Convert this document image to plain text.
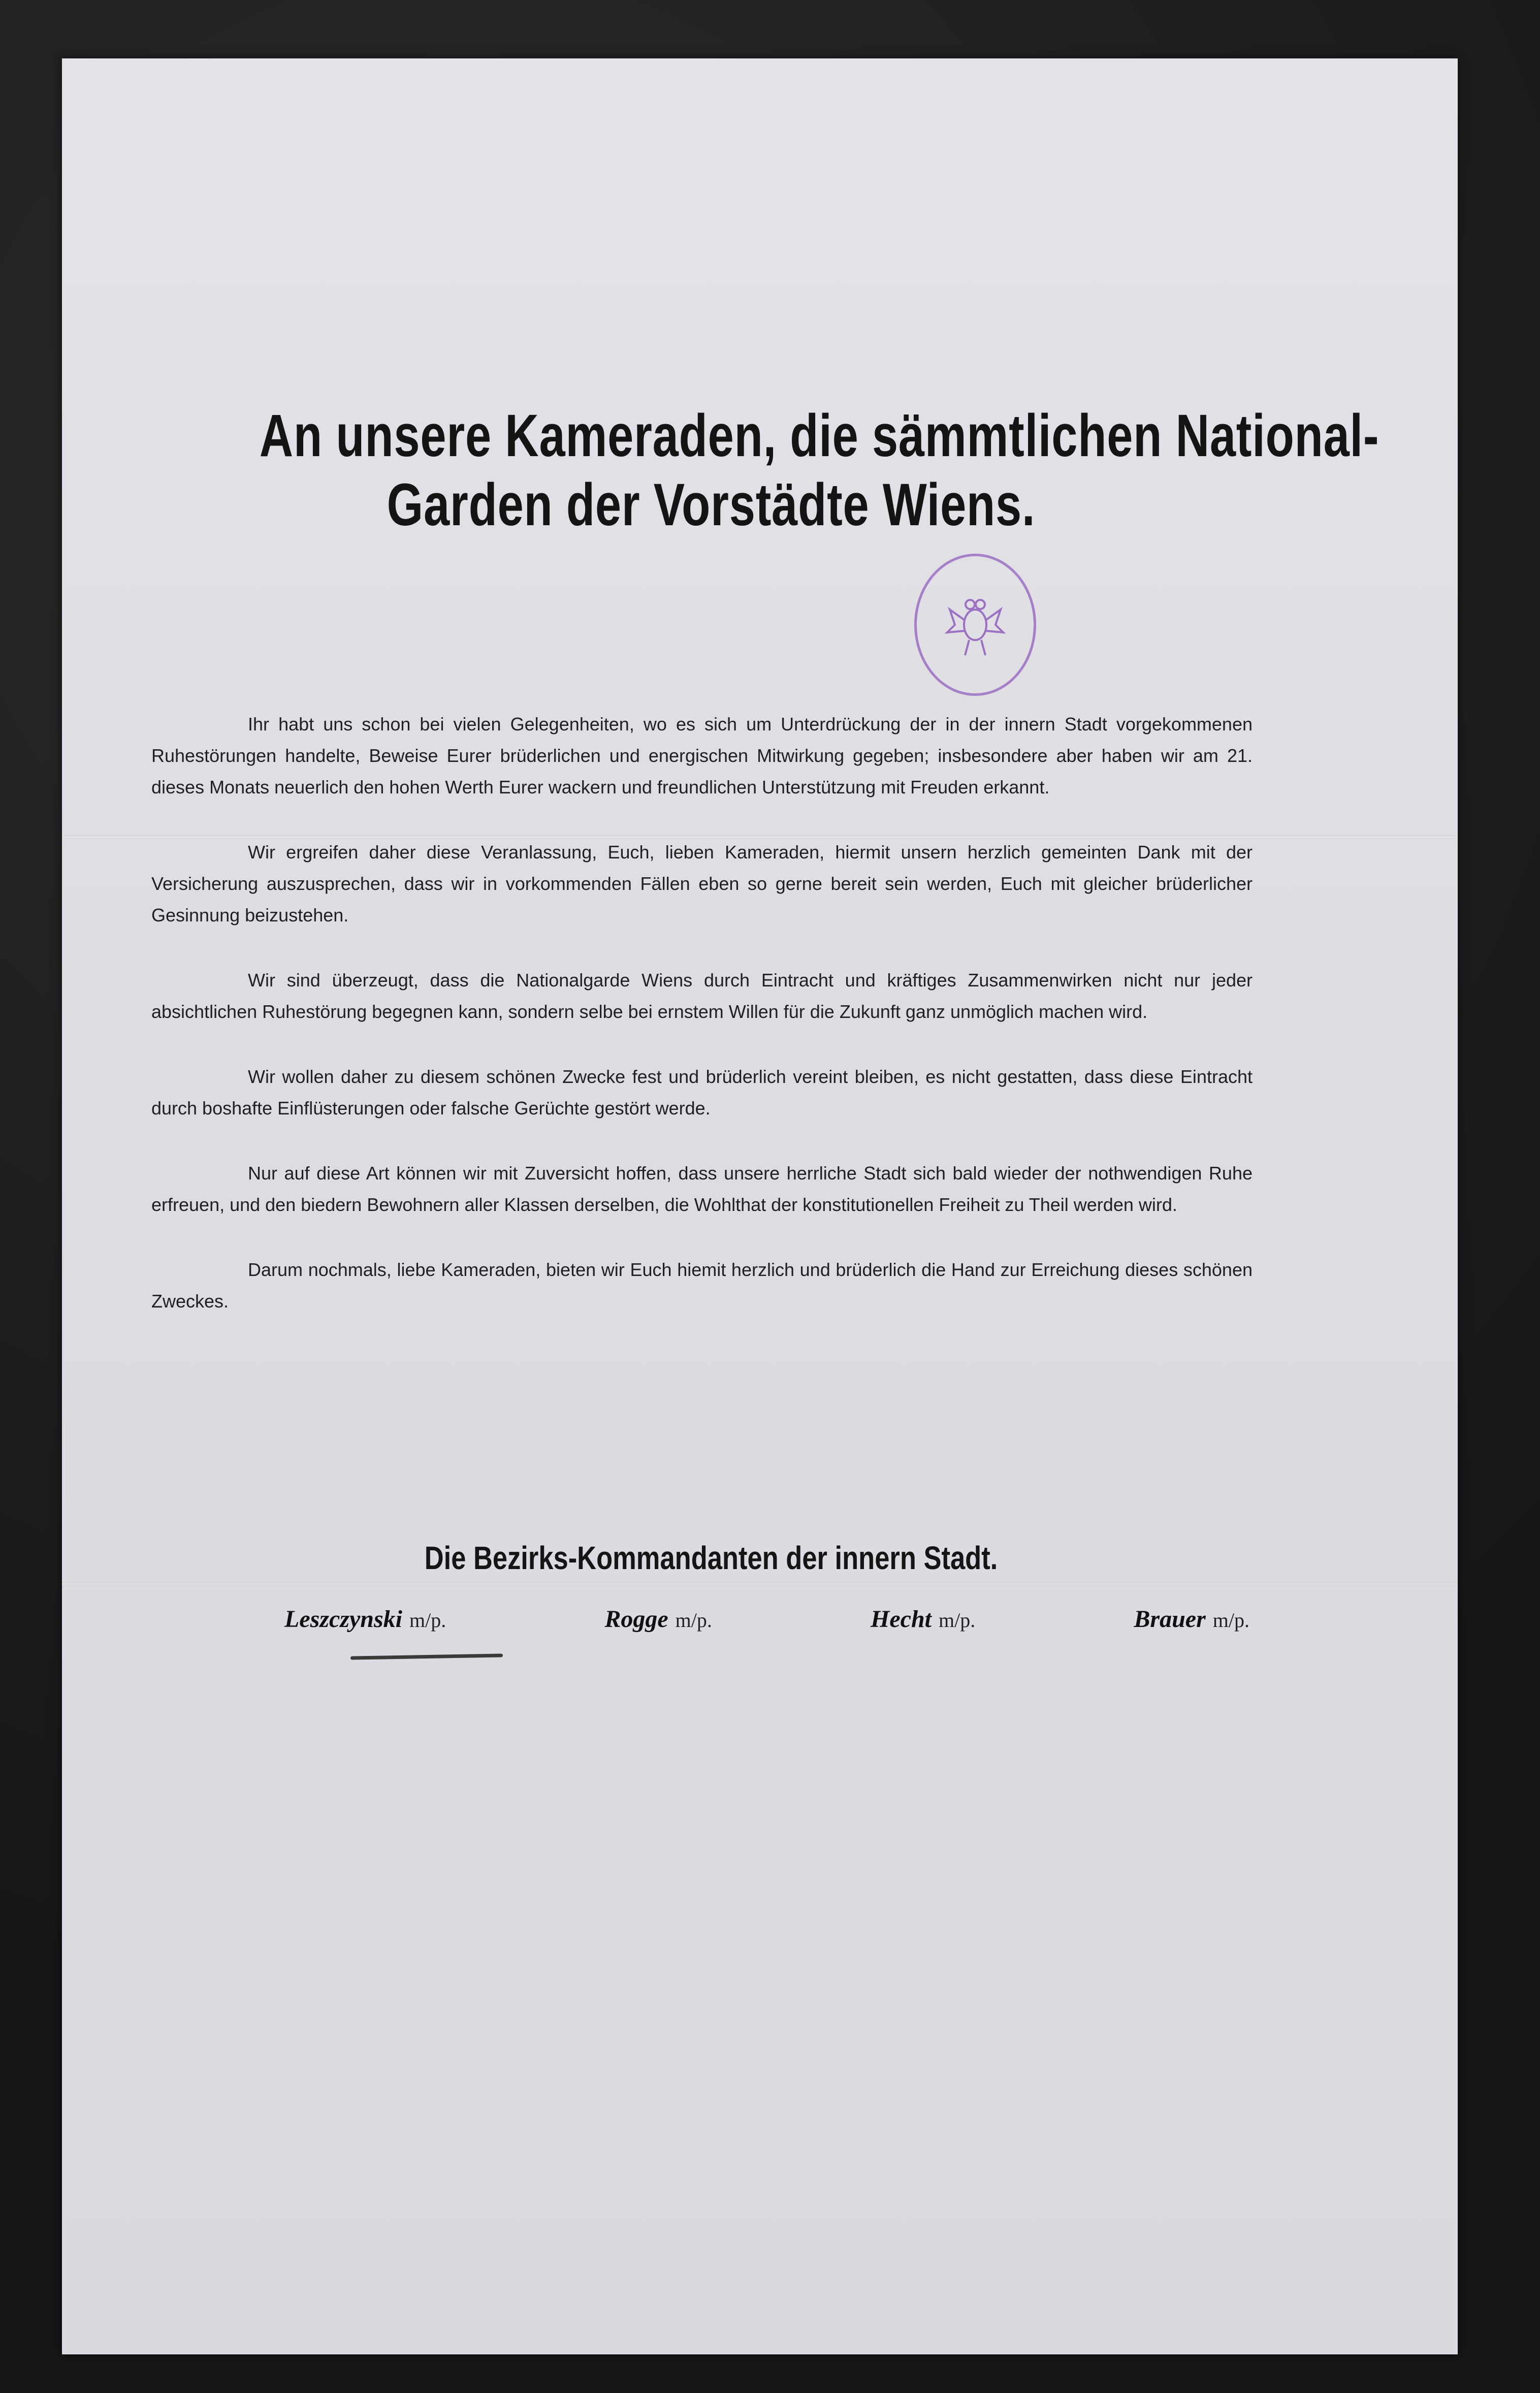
An unsere Kameraden, die sämmtlichen National-
Garden der Vorstädte Wiens.

Ihr habt uns schon bei vielen Gelegenheiten, wo es sich um Unterdrückung der in der innern Stadt vorgekommenen Ruhestörungen handelte, Beweise Eurer brüderlichen und energischen Mitwirkung gegeben; insbesondere aber haben wir am 21. dieses Monats neuerlich den hohen Werth Eurer wackern und freundlichen Unterstützung mit Freuden erkannt.

Wir ergreifen daher diese Veranlassung, Euch, lieben Kameraden, hiermit unsern herzlich gemeinten Dank mit der Versicherung auszusprechen, dass wir in vorkommenden Fällen eben so gerne bereit sein werden, Euch mit gleicher brüderlicher Gesinnung beizustehen.

Wir sind überzeugt, dass die Nationalgarde Wiens durch Eintracht und kräftiges Zusammenwirken nicht nur jeder absichtlichen Ruhestörung begegnen kann, sondern selbe bei ernstem Willen für die Zukunft ganz unmöglich machen wird.

Wir wollen daher zu diesem schönen Zwecke fest und brüderlich vereint bleiben, es nicht gestatten, dass diese Eintracht durch boshafte Einflüsterungen oder falsche Gerüchte gestört werde.

Nur auf diese Art können wir mit Zuversicht hoffen, dass unsere herrliche Stadt sich bald wieder der nothwendigen Ruhe erfreuen, und den biedern Bewohnern aller Klassen derselben, die Wohlthat der konstitutionellen Freiheit zu Theil werden wird.

Darum nochmals, liebe Kameraden, bieten wir Euch hiemit herzlich und brüderlich die Hand zur Erreichung dieses schönen Zweckes.

Die Bezirks-Kommandanten der innern Stadt.
Leszczynski m/p.	Rogge m/p.	Hecht m/p.	Brauer m/p.
